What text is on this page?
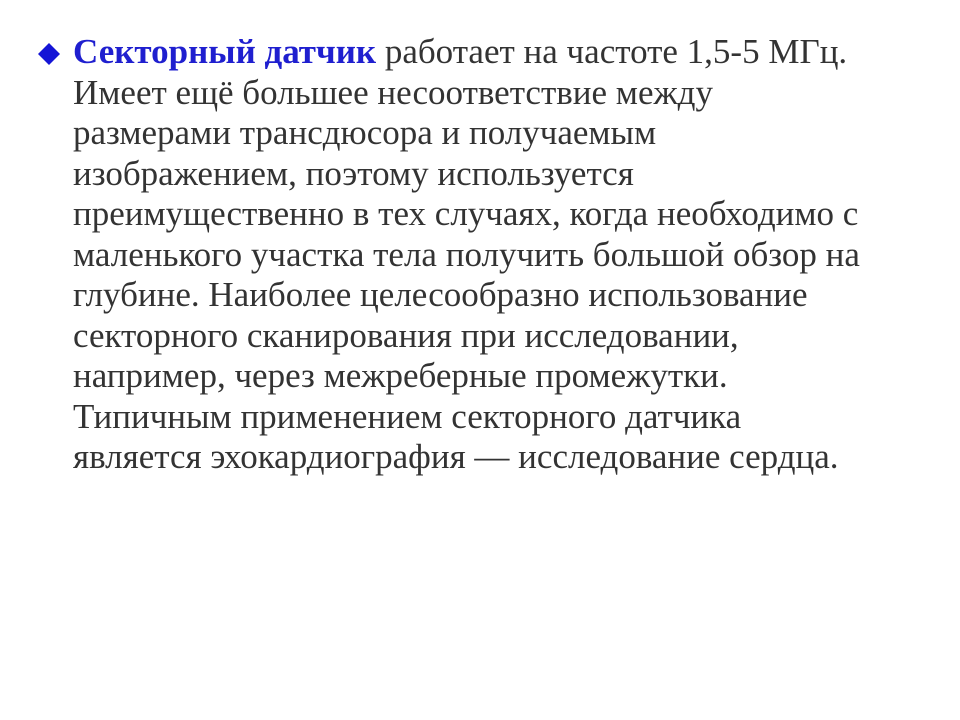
Секторный датчик работает на частоте 1,5-5 МГц.
Имеет ещё большее несоответствие между
размерами трансдюсора и получаемым
изображением, поэтому используется
преимущественно в тех случаях, когда необходимо с
маленького участка тела получить большой обзор на
глубине. Наиболее целесообразно использование
секторного сканирования при исследовании,
например, через межреберные промежутки.
Типичным применением секторного датчика
является эхокардиография — исследование сердца.
